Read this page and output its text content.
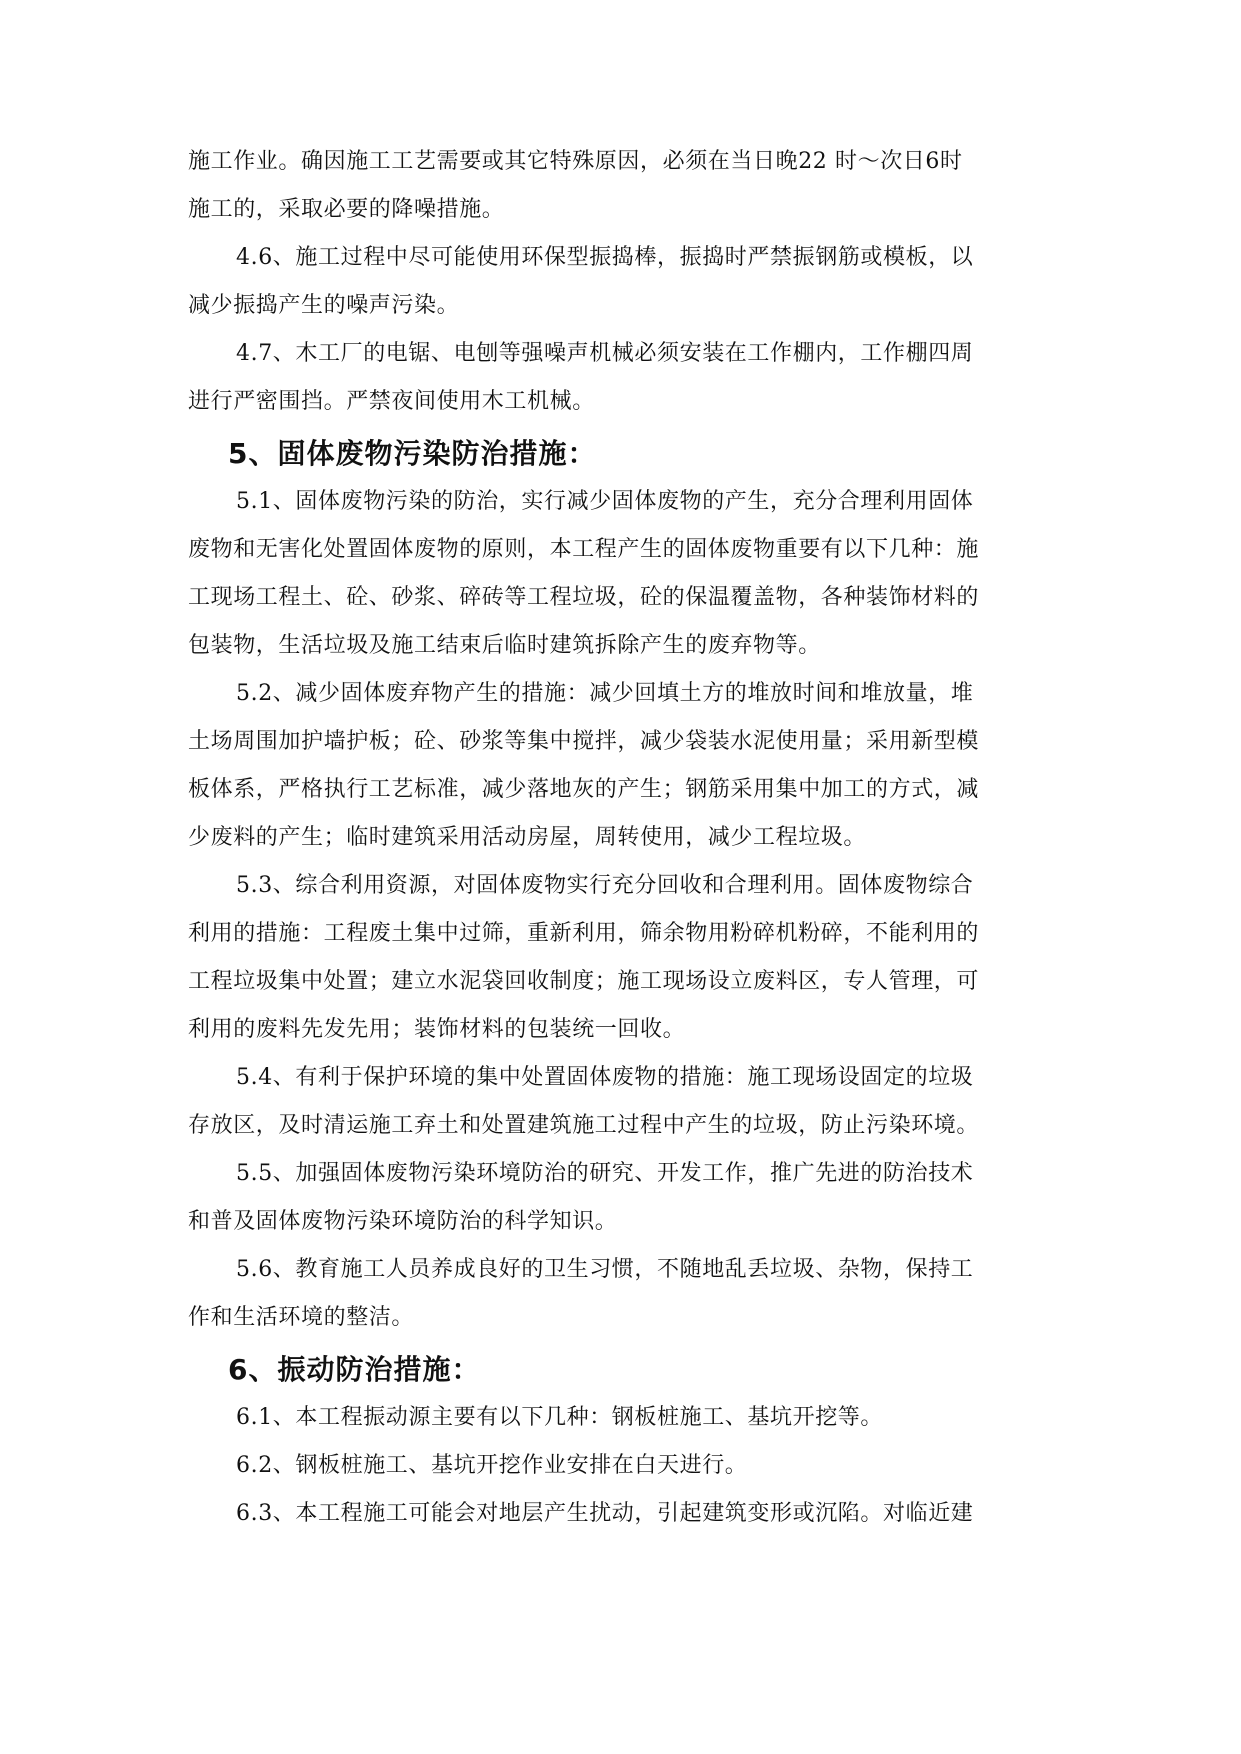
施工作业。确因施工工艺需要或其它特殊原因，必须在当日晚22 时～次日6时
施工的，采取必要的降噪措施。
4.6、施工过程中尽可能使用环保型振捣棒，振捣时严禁振钢筋或模板，以
减少振捣产生的噪声污染。
4.7、木工厂的电锯、电刨等强噪声机械必须安装在工作棚内，工作棚四周
进行严密围挡。严禁夜间使用木工机械。
5、固体废物污染防治措施：
5.1、固体废物污染的防治，实行减少固体废物的产生，充分合理利用固体
废物和无害化处置固体废物的原则，本工程产生的固体废物重要有以下几种：施
工现场工程土、砼、砂浆、碎砖等工程垃圾，砼的保温覆盖物，各种装饰材料的
包装物，生活垃圾及施工结束后临时建筑拆除产生的废弃物等。
5.2、减少固体废弃物产生的措施：减少回填土方的堆放时间和堆放量，堆
土场周围加护墙护板；砼、砂浆等集中搅拌，减少袋装水泥使用量；采用新型模
板体系，严格执行工艺标准，减少落地灰的产生；钢筋采用集中加工的方式，减
少废料的产生；临时建筑采用活动房屋，周转使用，减少工程垃圾。
5.3、综合利用资源，对固体废物实行充分回收和合理利用。固体废物综合
利用的措施：工程废土集中过筛，重新利用，筛余物用粉碎机粉碎，不能利用的
工程垃圾集中处置；建立水泥袋回收制度；施工现场设立废料区，专人管理，可
利用的废料先发先用；装饰材料的包装统一回收。
5.4、有利于保护环境的集中处置固体废物的措施：施工现场设固定的垃圾
存放区，及时清运施工弃土和处置建筑施工过程中产生的垃圾，防止污染环境。
5.5、加强固体废物污染环境防治的研究、开发工作，推广先进的防治技术
和普及固体废物污染环境防治的科学知识。
5.6、教育施工人员养成良好的卫生习惯，不随地乱丢垃圾、杂物，保持工
作和生活环境的整洁。
6、振动防治措施：
6.1、本工程振动源主要有以下几种：钢板桩施工、基坑开挖等。
6.2、钢板桩施工、基坑开挖作业安排在白天进行。
6.3、本工程施工可能会对地层产生扰动，引起建筑变形或沉陷。对临近建
